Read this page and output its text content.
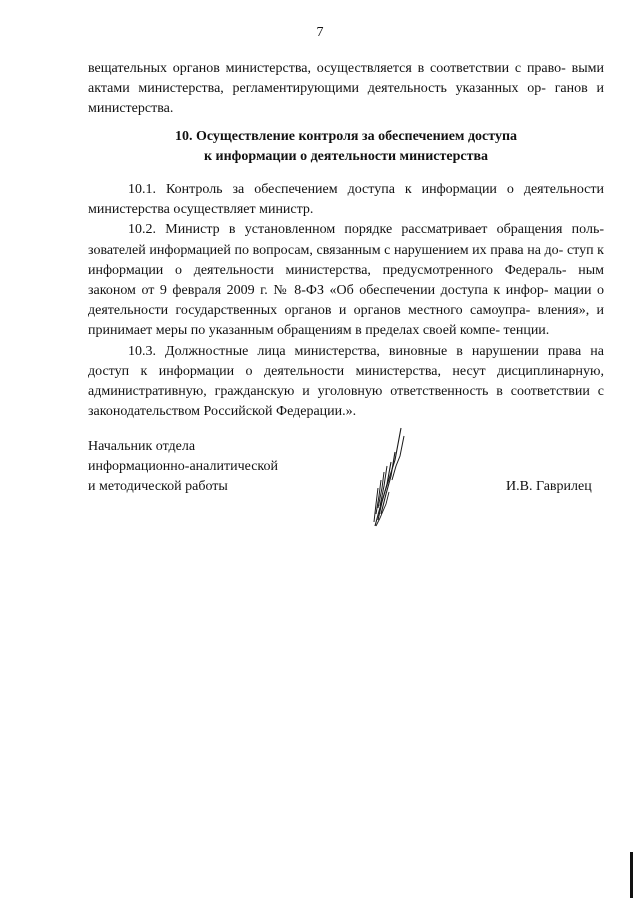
7

вещательных органов министерства, осуществляется в соответствии с право- выми актами министерства, регламентирующими деятельность указанных ор- ганов и министерства.

10. Осуществление контроля за обеспечением доступа
к информации о деятельности министерства

10.1. Контроль за обеспечением доступа к информации о деятельности министерства осуществляет министр.

10.2. Министр в установленном порядке рассматривает обращения поль- зователей информацией по вопросам, связанным с нарушением их права на до- ступ к информации о деятельности министерства, предусмотренного Федераль- ным законом от 9 февраля 2009 г. № 8-ФЗ «Об обеспечении доступа к инфор- мации о деятельности государственных органов и органов местного самоупра- вления», и принимает меры по указанным обращениям в пределах своей компе- тенции.

10.3. Должностные лица министерства, виновные в нарушении права на доступ к информации о деятельности министерства, несут дисциплинарную, административную, гражданскую и уголовную ответственность в соответствии с законодательством Российской Федерации.».

Начальник отдела
информационно-аналитической
и методической работы	И.В. Гаврилец
